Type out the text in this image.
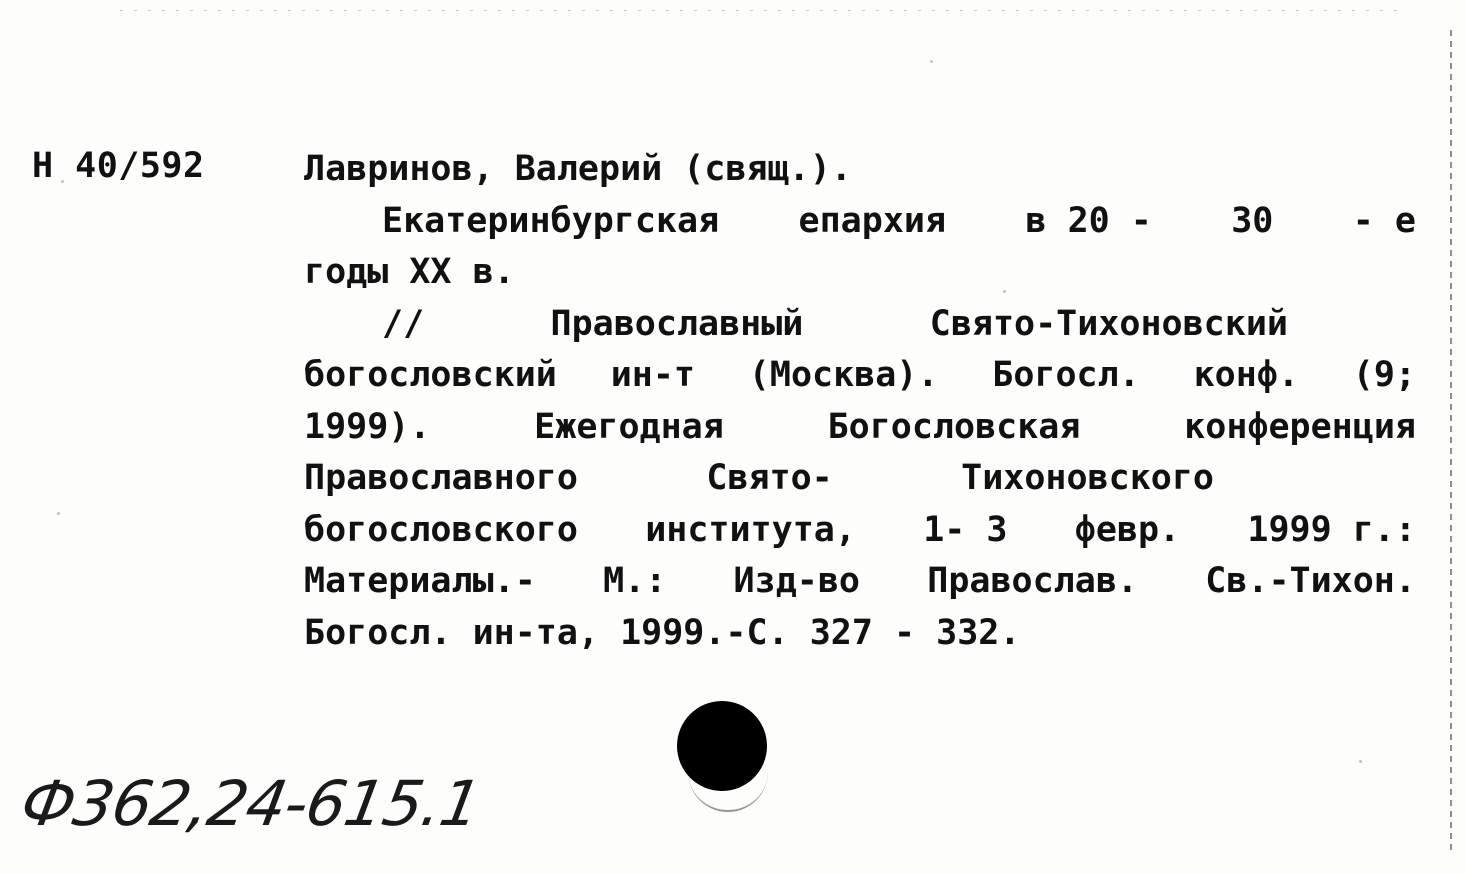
Н 40/592	Лавринов, Валерий (свящ.).
Екатеринбургская епархия в 20 - 30 - е
годы XX в.
//	Православный	Свято-Тихоновский
богословский ин-т (Москва). Богосл. конф. (9;
1999).	Ежегодная	Богословская	конференция
Православного	Свято-	Тихоновского
богословского института, 1- 3 февр. 1999 г.:
Материалы.- М.: Изд-во Православ. Св.-Тихон.
Богосл. ин-та, 1999.-С. 327 - 332.
Ф362,24-615.1
